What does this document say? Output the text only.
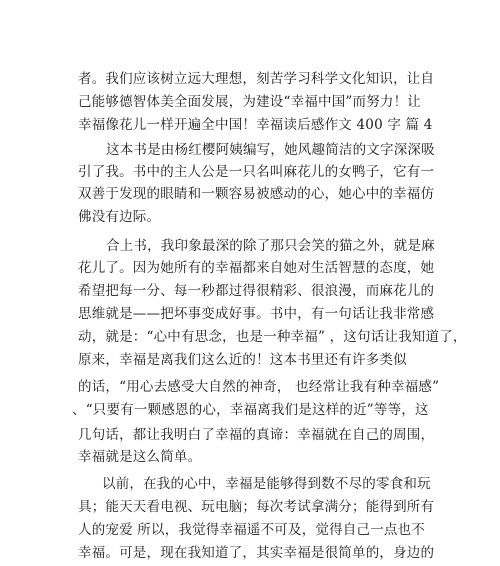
者。我们应该树立远大理想，刻苦学习科学文化知识，让自
己能够德智体美全面发展，为建设“幸福中国”而努力！让
幸福像花儿一样开遍全中国！幸福读后感作文 400 字 篇 4
这本书是由杨红樱阿姨编写，她风趣简洁的文字深深吸
引了我。书中的主人公是一只名叫麻花儿的女鸭子，它有一
双善于发现的眼睛和一颗容易被感动的心，她心中的幸福仿
佛没有边际。
合上书，我印象最深的除了那只会笑的猫之外，就是麻
花儿了。因为她所有的幸福都来自她对生活智慧的态度，她
希望把每一分、每一秒都过得很精彩、很浪漫，而麻花儿的
思维就是——把坏事变成好事。书中，有一句话让我非常感
动，就是：“心中有思念，也是一种幸福” ，这句话让我知道了，
原来，幸福是离我们这么近的！这本书里还有许多类似
的话，“用心去感受大自然的神奇， 也经常让我有种幸福感”
、“只要有一颗感恩的心，幸福离我们是这样的近”等等，这
几句话，都让我明白了幸福的真谛：幸福就在自己的周围，
幸福就是这么简单。
以前，在我的心中，幸福是能够得到数不尽的零食和玩
具；能天天看电视、玩电脑；每次考试拿满分；能得到所有
人的宠爱 所以，我觉得幸福遥不可及，觉得自己一点也不
幸福。可是，现在我知道了，其实幸福是很简单的，身边的
